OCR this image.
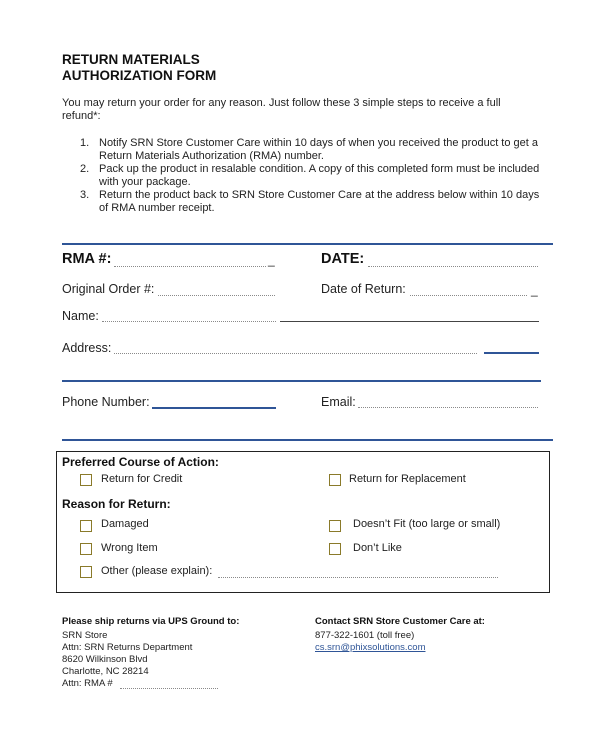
RETURN MATERIALS
AUTHORIZATION FORM
You may return your order for any reason. Just follow these 3 simple steps to receive a full refund*:
1. Notify SRN Store Customer Care within 10 days of when you received the product to get a Return Materials Authorization (RMA) number.
2. Pack up the product in resalable condition. A copy of this completed form must be included with your package.
3. Return the product back to SRN Store Customer Care at the address below within 10 days of RMA number receipt.
RMA #:	_	DATE:
Original Order #:	Date of Return:	_
Name:
Address:
Phone Number:	Email:
Preferred Course of Action:
Return for Credit	Return for Replacement
Reason for Return:
Damaged	Doesn’t Fit (too large or small)
Wrong Item	Don’t Like
Other (please explain):
Please ship returns via UPS Ground to:
SRN Store
Attn: SRN Returns Department
8620 Wilkinson Blvd
Charlotte, NC 28214
Attn: RMA #
Contact SRN Store Customer Care at:
877-322-1601 (toll free)
cs.srn@phixsolutions.com
